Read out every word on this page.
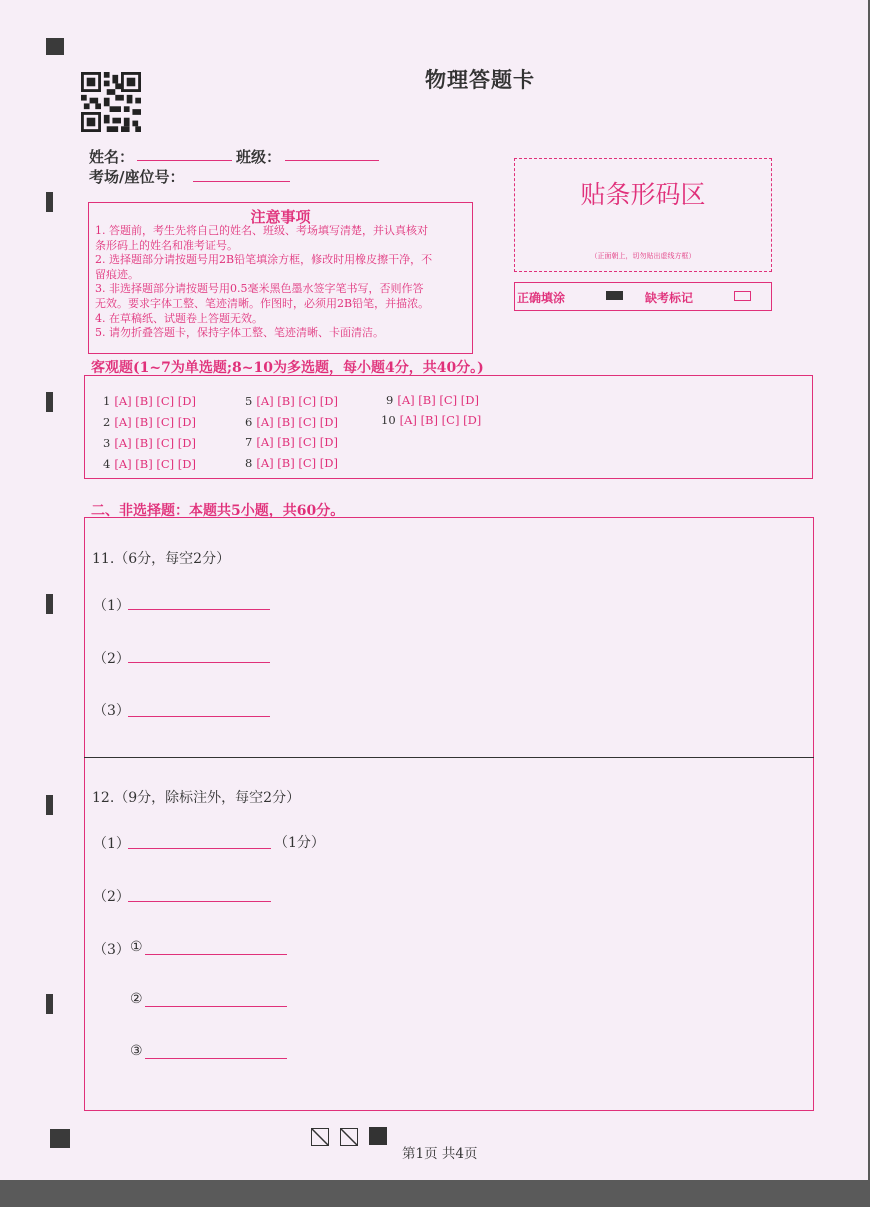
物理答题卡
姓名：	班级：
考场/座位号：
贴条形码区
（正面朝上，切勿贴出虚线方框）
正确填涂	缺考标记
注意事项
1. 答题前，考生先将自己的姓名、班级、考场填写清楚，并认真核对
条形码上的姓名和准考证号。
2. 选择题部分请按题号用2B铅笔填涂方框，修改时用橡皮擦干净，不
留痕迹。
3. 非选择题部分请按题号用0.5毫米黑色墨水签字笔书写，否则作答
无效。要求字体工整、笔迹清晰。作图时，必须用2B铅笔，并描浓。
4. 在草稿纸、试题卷上答题无效。
5. 请勿折叠答题卡，保持字体工整、笔迹清晰、卡面清洁。
客观题(1~7为单选题;8~10为多选题，每小题4分，共40分。)
1 [A] [B] [C] [D]
2 [A] [B] [C] [D]
3 [A] [B] [C] [D]
4 [A] [B] [C] [D]
5 [A] [B] [C] [D]
6 [A] [B] [C] [D]
7 [A] [B] [C] [D]
8 [A] [B] [C] [D]
9 [A] [B] [C] [D]
10 [A] [B] [C] [D]
二、非选择题：本题共5小题，共60分。
11.（6分，每空2分）
（1）
（2）
（3）
12.（9分，除标注外，每空2分）
（1）	（1分）
（2）
（3） ①
②
③
第1页 共4页
